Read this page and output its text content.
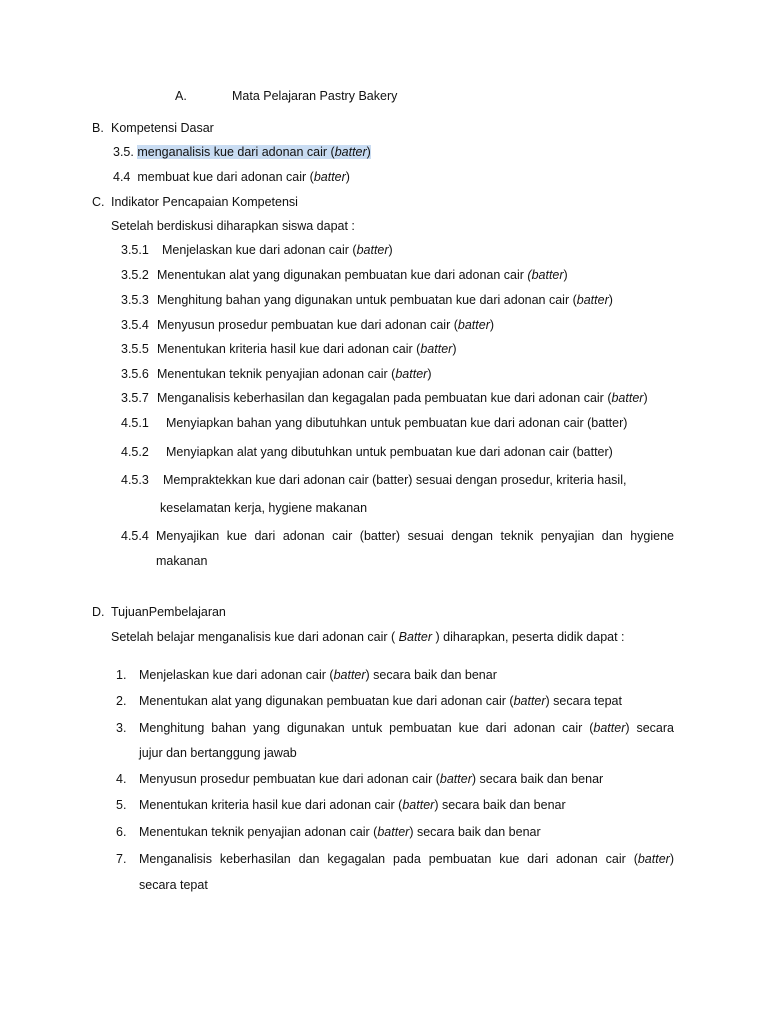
A.	Mata Pelajaran Pastry Bakery
B. Kompetensi Dasar
3.5. menganalisis kue dari adonan cair (batter)
4.4 membuat kue dari adonan cair (batter)
C. Indikator Pencapaian Kompetensi
Setelah berdiskusi diharapkan siswa dapat :
3.5.1 Menjelaskan kue dari adonan cair (batter)
3.5.2 Menentukan alat yang digunakan pembuatan kue dari adonan cair (batter)
3.5.3 Menghitung bahan yang digunakan untuk pembuatan kue dari adonan cair (batter)
3.5.4 Menyusun prosedur pembuatan kue dari adonan cair (batter)
3.5.5 Menentukan kriteria hasil kue dari adonan cair (batter)
3.5.6 Menentukan teknik penyajian adonan cair (batter)
3.5.7 Menganalisis keberhasilan dan kegagalan pada pembuatan kue dari adonan cair (batter)
4.5.1 Menyiapkan bahan yang dibutuhkan untuk pembuatan kue dari adonan cair (batter)
4.5.2 Menyiapkan alat yang dibutuhkan untuk pembuatan kue dari adonan cair (batter)
4.5.3 Mempraktekkan kue dari adonan cair (batter) sesuai dengan prosedur, kriteria hasil,
keselamatan kerja, hygiene makanan
4.5.4 Menyajikan kue dari adonan cair (batter) sesuai dengan teknik penyajian dan hygiene
makanan
D. TujuanPembelajaran
Setelah belajar menganalisis kue dari adonan cair ( Batter ) diharapkan, peserta didik dapat :
1. Menjelaskan kue dari adonan cair (batter) secara baik dan benar
2. Menentukan alat yang digunakan pembuatan kue dari adonan cair (batter) secara tepat
3. Menghitung bahan yang digunakan untuk pembuatan kue dari adonan cair (batter) secara
jujur dan bertanggung jawab
4. Menyusun prosedur pembuatan kue dari adonan cair (batter) secara baik dan benar
5. Menentukan kriteria hasil kue dari adonan cair (batter) secara baik dan benar
6. Menentukan teknik penyajian adonan cair (batter) secara baik dan benar
7. Menganalisis keberhasilan dan kegagalan pada pembuatan kue dari adonan cair (batter)
secara tepat
